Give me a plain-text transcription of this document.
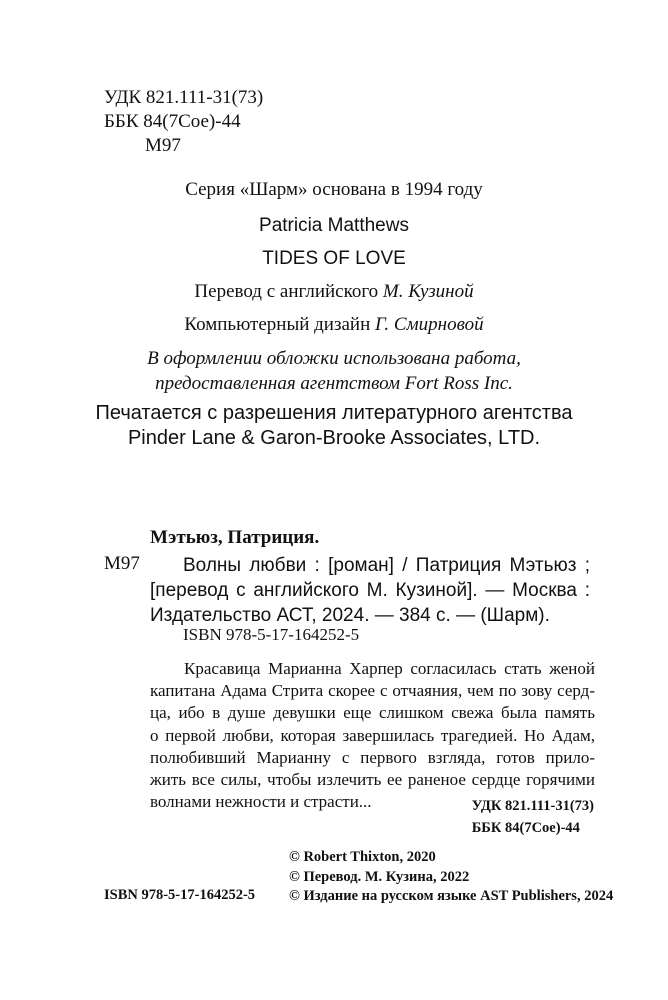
УДК 821.111-31(73)
ББК 84(7Сое)-44
М97
Серия «Шарм» основана в 1994 году
Patricia Matthews
TIDES OF LOVE
Перевод с английского М. Кузиной
Компьютерный дизайн Г. Смирновой
В оформлении обложки использована работа,
предоставленная агентством Fort Ross Inc.
Печатается с разрешения литературного агентства
Pinder Lane & Garon-Brooke Associates, LTD.
Мэтьюз, Патриция.
М97	Волны любви : [роман] / Патриция Мэтьюз ;
[перевод с английского М. Кузиной]. — Москва :
Издательство АСТ, 2024. — 384 с. — (Шарм).
ISBN 978-5-17-164252-5
Красавица Марианна Харпер согласилась стать женой
капитана Адама Стрита скорее с отчаяния, чем по зову серд-
ца, ибо в душе девушки еще слишком свежа была память
о первой любви, которая завершилась трагедией. Но Адам,
полюбивший Марианну с первого взгляда, готов прило-
жить все силы, чтобы излечить ее раненое сердце горячими
волнами нежности и страсти...	УДК 821.111-31(73)
ББК 84(7Сое)-44
© Robert Thixton, 2020
© Перевод. М. Кузина, 2022
© Издание на русском языке AST Publishers, 2024
ISBN 978-5-17-164252-5
